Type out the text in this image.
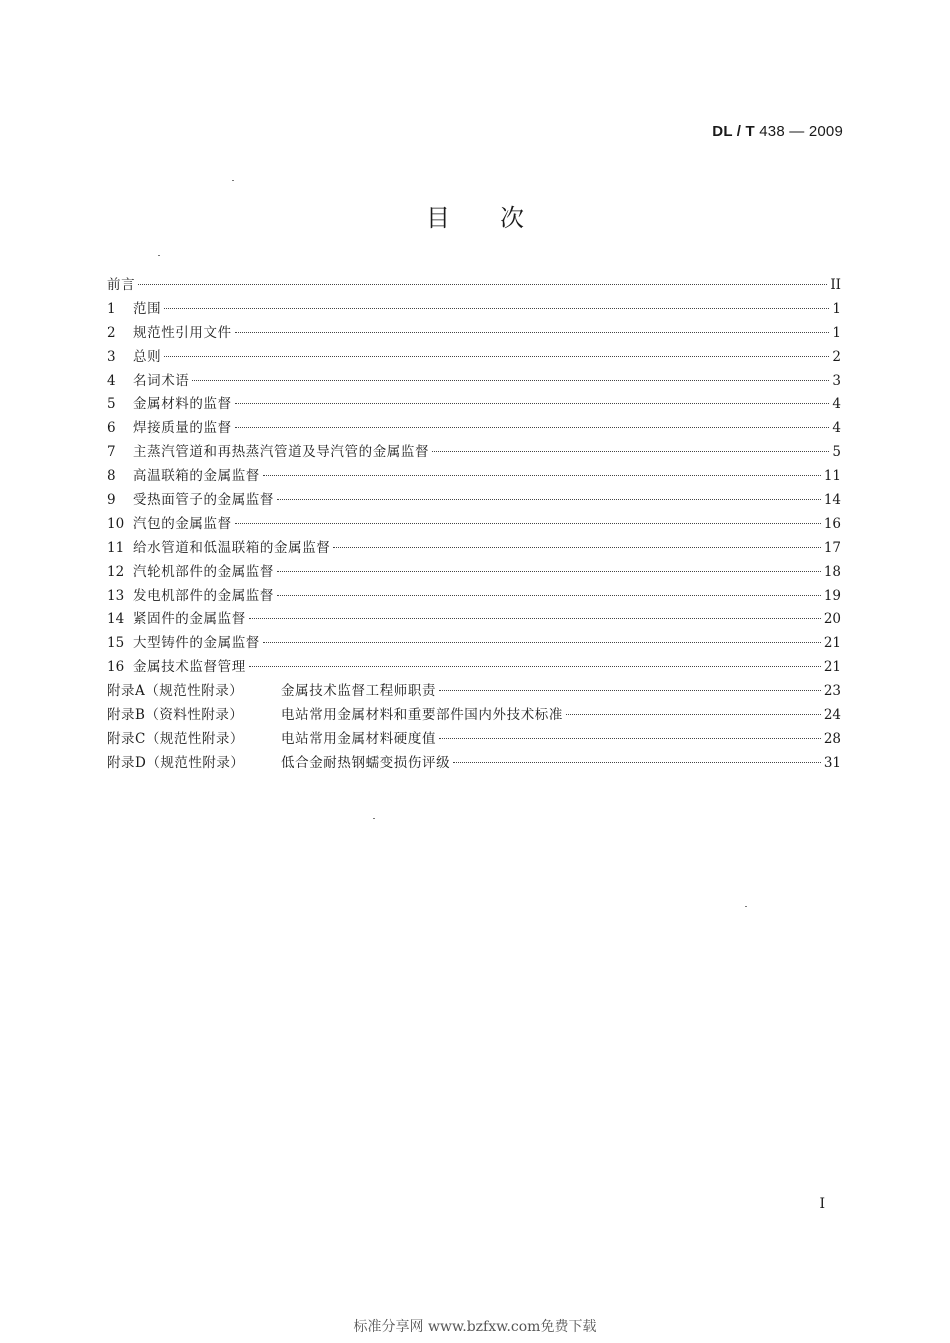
DL / T 438 — 2009
目次
前言	II
1	范围	1
2	规范性引用文件	1
3	总则	2
4	名词术语	3
5	金属材料的监督	4
6	焊接质量的监督	4
7	主蒸汽管道和再热蒸汽管道及导汽管的金属监督	5
8	高温联箱的金属监督	11
9	受热面管子的金属监督	14
10 汽包的金属监督	16
11 给水管道和低温联箱的金属监督	17
12 汽轮机部件的金属监督	18
13 发电机部件的金属监督	19
14 紧固件的金属监督	20
15 大型铸件的金属监督	21
16 金属技术监督管理	21
附录A（规范性附录）	金属技术监督工程师职责	23
附录B（资料性附录）	电站常用金属材料和重要部件国内外技术标准	24
附录C（规范性附录）	电站常用金属材料硬度值	28
附录D（规范性附录）	低合金耐热钢蠕变损伤评级	31
I
标准分享网 www.bzfxw.com免费下载
